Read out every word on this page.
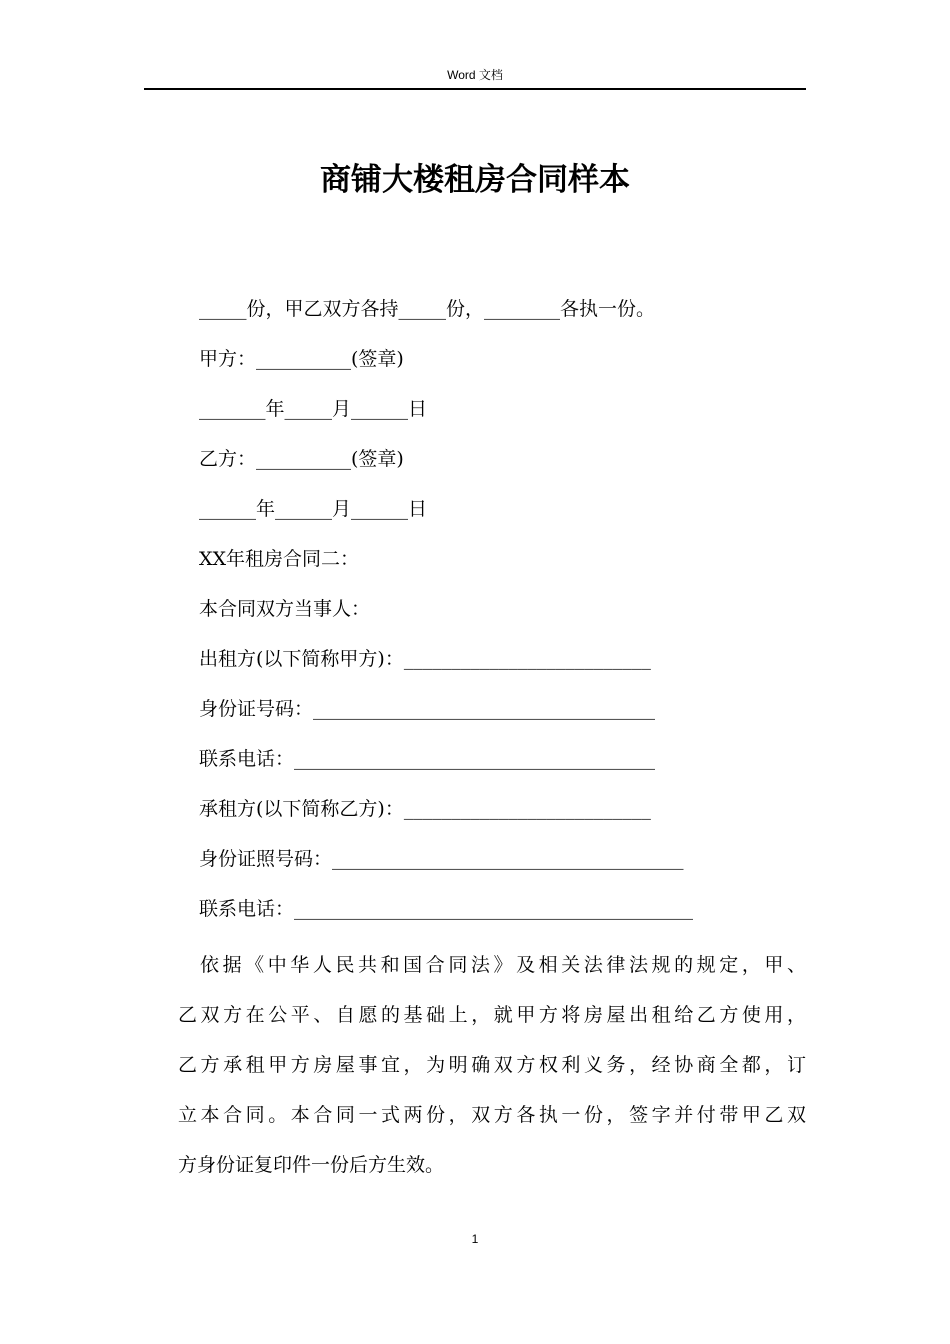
Word 文档
商铺大楼租房合同样本
_____份，甲乙双方各持_____份，________各执一份。
甲方：__________(签章)
_______年_____月______日
乙方：__________(签章)
______年______月______日
XX年租房合同二：
本合同双方当事人：
出租方(以下简称甲方)：__________________________
身份证号码：____________________________________
联系电话：______________________________________
承租方(以下简称乙方)：__________________________
身份证照号码：_____________________________________
联系电话：__________________________________________
依据《中华人民共和国合同法》及相关法律法规的规定，甲、
乙双方在公平、自愿的基础上，就甲方将房屋出租给乙方使用，
乙方承租甲方房屋事宜，为明确双方权利义务，经协商全都，订
立本合同。本合同一式两份，双方各执一份，签字并付带甲乙双
方身份证复印件一份后方生效。
1
